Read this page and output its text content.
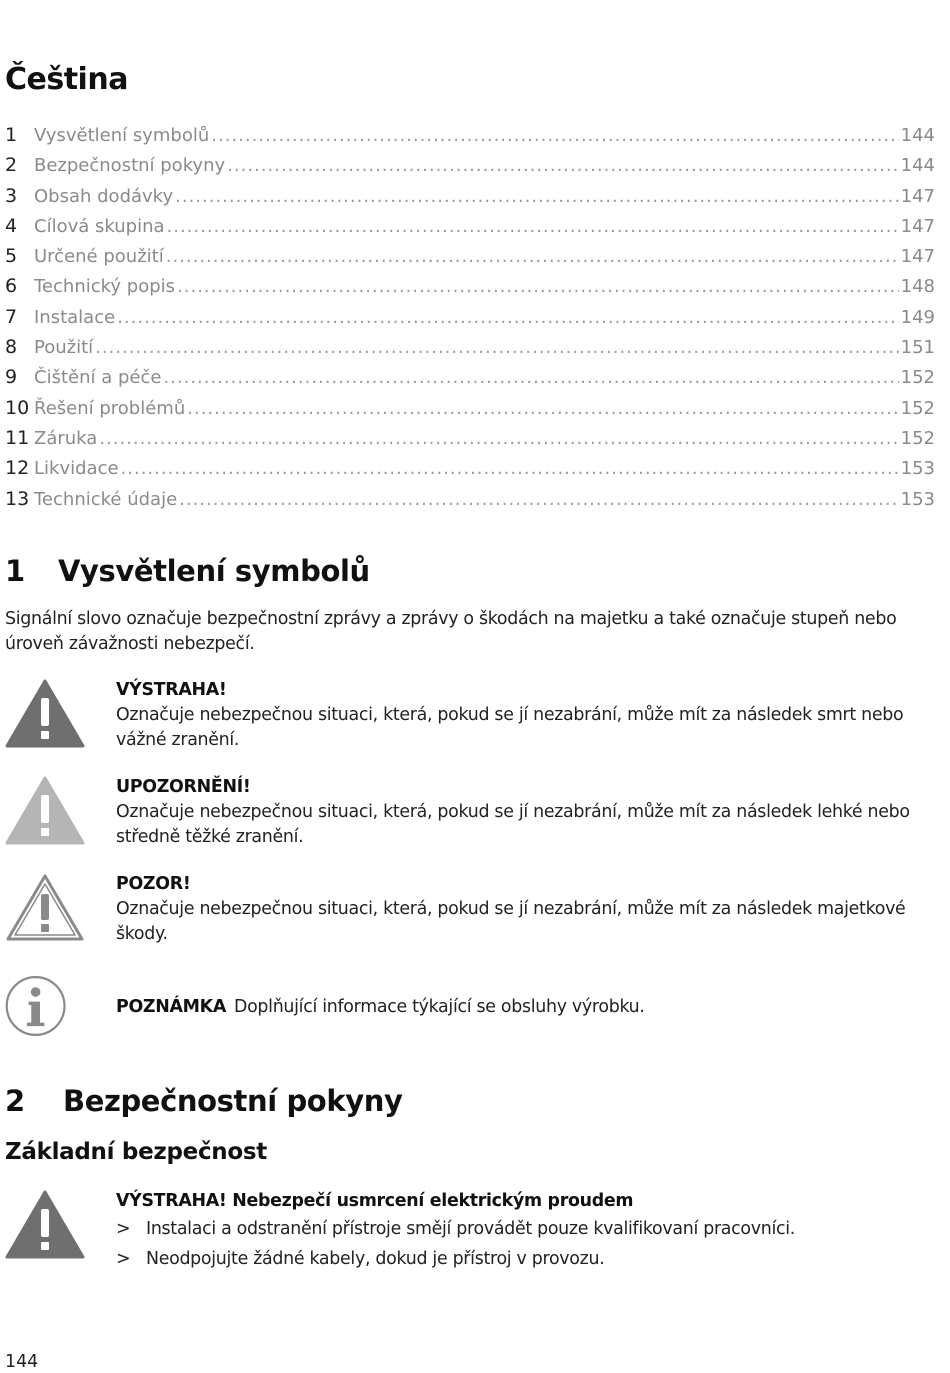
Čeština
1 Vysvětlení symbolů .....	144
2 Bezpečnostní pokyny .....	144
3 Obsah dodávky .....	147
4 Cílová skupina .....	147
5 Určené použití .....	147
6 Technický popis .....	148
7 Instalace .....	149
8 Použití .....	151
9 Čištění a péče .....	152
10 Řešení problémů .....	152
11 Záruka .....	152
12 Likvidace .....	153
13 Technické údaje .....	153
1	Vysvětlení symbolů

Signální slovo označuje bezpečnostní zprávy a zprávy o škodách na majetku a také označuje stupeň nebo úroveň závažnosti nebezpečí.

VÝSTRAHA!
Označuje nebezpečnou situaci, která, pokud se jí nezabrání, může mít za následek smrt nebo vážné zranění.
UPOZORNĚNÍ!
Označuje nebezpečnou situaci, která, pokud se jí nezabrání, může mít za následek lehké nebo středně těžké zranění.
POZOR!
Označuje nebezpečnou situaci, která, pokud se jí nezabrání, může mít za následek majetkové škody.
POZNÁMKA Doplňující informace týkající se obsluhy výrobku.
2	Bezpečnostní pokyny
Základní bezpečnost
VÝSTRAHA! Nebezpečí usmrcení elektrickým proudem
> Instalaci a odstranění přístroje smějí provádět pouze kvalifikovaní pracovníci.
> Neodpojujte žádné kabely, dokud je přístroj v provozu.
144
